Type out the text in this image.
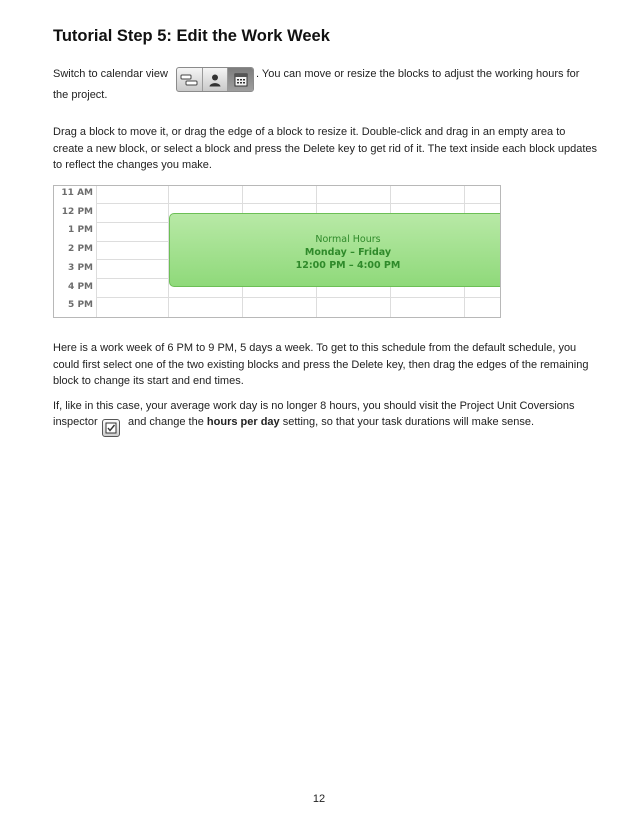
Tutorial Step 5: Edit the Work Week
Switch to calendar view	. You can move or resize the blocks to adjust the working hours for

the project.

Drag a block to move it, or drag the edge of a block to resize it. Double-click and drag in an empty area to create a new block, or select a block and press the Delete key to get rid of it. The text inside each block updates to reflect the changes you make.

11 AM
12 PM
1 PM
2 PM
3 PM
4 PM
5 PM
Normal Hours
Monday – Friday
12:00 PM – 4:00 PM

Here is a work week of 6 PM to 9 PM, 5 days a week. To get to this schedule from the default schedule, you could first select one of the two existing blocks and press the Delete key, then drag the edges of the remaining block to change its start and end times.

If, like in this case, your average work day is no longer 8 hours, you should visit the Project Unit Coversions

inspector	and change the hours per day setting, so that your task durations will make sense.
12
